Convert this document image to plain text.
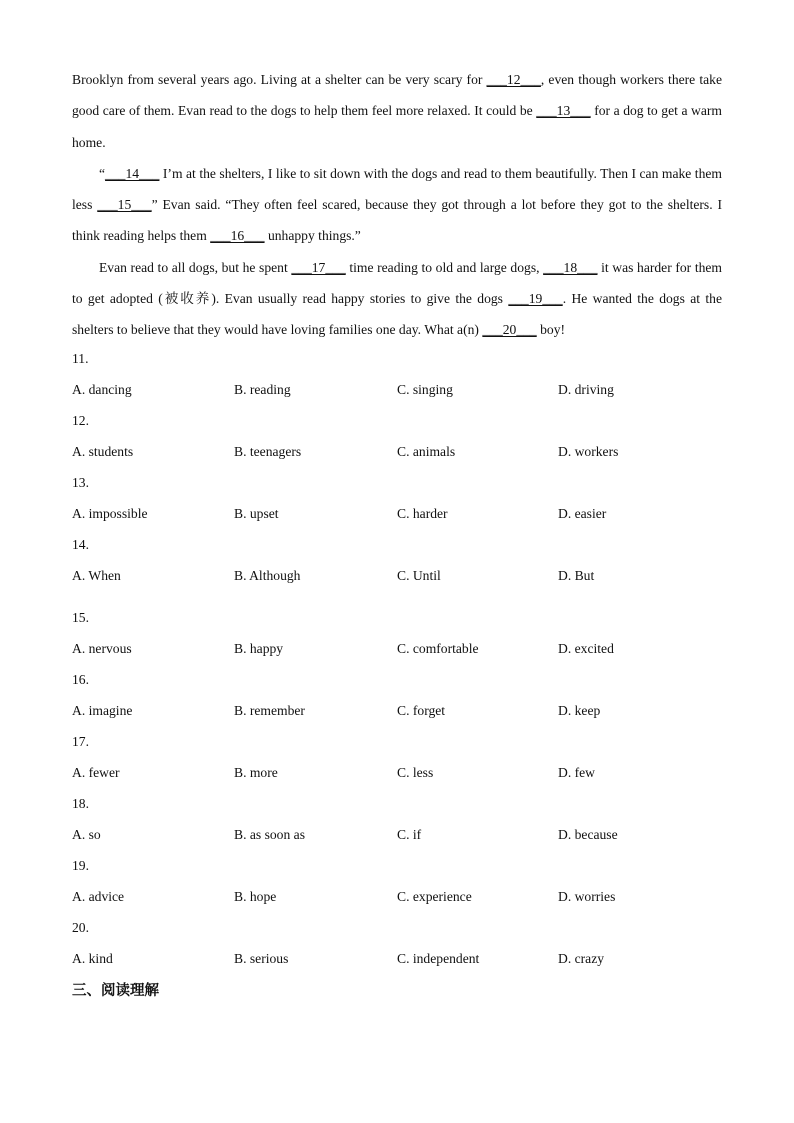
Brooklyn from several years ago. Living at a shelter can be very scary for ___12___, even though workers there take good care of them. Evan read to the dogs to help them feel more relaxed. It could be ___13___ for a dog to get a warm home.

“___14___ I’m at the shelters, I like to sit down with the dogs and read to them beautifully. Then I can make them less ___15___” Evan said. “They often feel scared, because they got through a lot before they got to the shelters. I think reading helps them ___16___ unhappy things.”

Evan read to all dogs, but he spent ___17___ time reading to old and large dogs, ___18___ it was harder for them to get adopted (被收养). Evan usually read happy stories to give the dogs ___19___. He wanted the dogs at the shelters to believe that they would have loving families one day. What a(n) ___20___ boy!

11.
A. dancing	B. reading	C. singing	D. driving
12.
A. students	B. teenagers	C. animals	D. workers
13.
A. impossible	B. upset	C. harder	D. easier
14.
A. When	B. Although	C. Until	D. But
15.
A. nervous	B. happy	C. comfortable	D. excited
16.
A. imagine	B. remember	C. forget	D. keep
17.
A. fewer	B. more	C. less	D. few
18.
A. so	B. as soon as	C. if	D. because
19.
A. advice	B. hope	C. experience	D. worries
20.
A. kind	B. serious	C. independent	D. crazy
三、阅读理解
